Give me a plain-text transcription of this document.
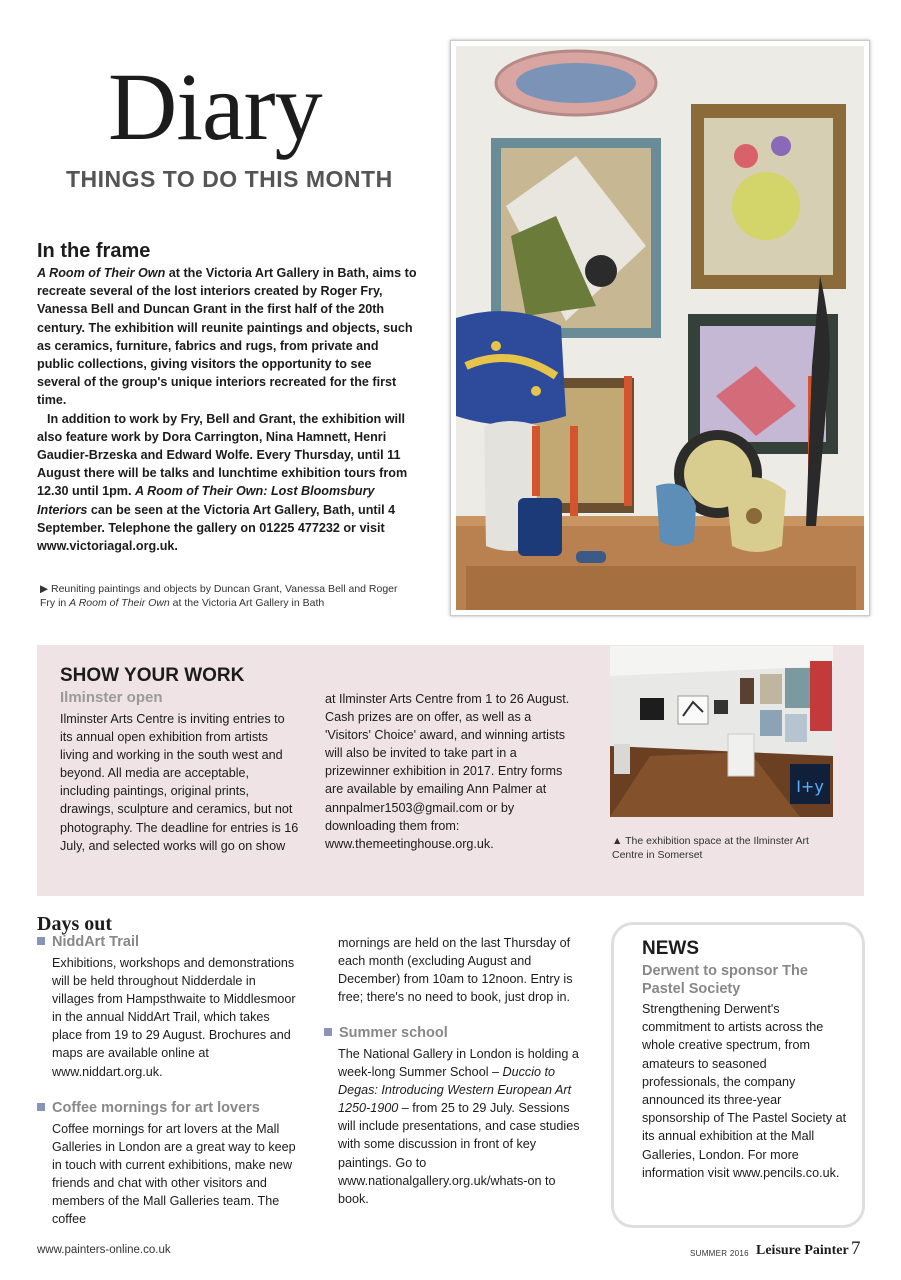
Diary
THINGS TO DO THIS MONTH
In the frame

A Room of Their Own at the Victoria Art Gallery in Bath, aims to recreate several of the lost interiors created by Roger Fry, Vanessa Bell and Duncan Grant in the first half of the 20th century. The exhibition will reunite paintings and objects, such as ceramics, furniture, fabrics and rugs, from private and public collections, giving visitors the opportunity to see several of the group's unique interiors recreated for the first time.

In addition to work by Fry, Bell and Grant, the exhibition will also feature work by Dora Carrington, Nina Hamnett, Henri Gaudier-Brzeska and Edward Wolfe. Every Thursday, until 11 August there will be talks and lunchtime exhibition tours from 12.30 until 1pm. A Room of Their Own: Lost Bloomsbury Interiors can be seen at the Victoria Art Gallery, Bath, until 4 September. Telephone the gallery on 01225 477232 or visit www.victoriagal.org.uk.

▶ Reuniting paintings and objects by Duncan Grant, Vanessa Bell and Roger Fry in A Room of Their Own at the Victoria Art Gallery in Bath
SHOW YOUR WORK
Ilminster open
Ilminster Arts Centre is inviting entries to its annual open exhibition from artists living and working in the south west and beyond. All media are acceptable, including paintings, original prints, drawings, sculpture and ceramics, but not photography. The deadline for entries is 16 July, and selected works will go on show
at Ilminster Arts Centre from 1 to 26 August. Cash prizes are on offer, as well as a 'Visitors' Choice' award, and winning artists will also be invited to take part in a prizewinner exhibition in 2017. Entry forms are available by emailing Ann Palmer at annpalmer1503@gmail.com or by downloading them from: www.themeetinghouse.org.uk.
I+y
▲ The exhibition space at the Ilminster Art Centre in Somerset
Days out
NiddArt Trail
Exhibitions, workshops and demonstrations will be held throughout Nidderdale in villages from Hampsthwaite to Middlesmoor in the annual NiddArt Trail, which takes place from 19 to 29 August. Brochures and maps are available online at www.niddart.org.uk.
Coffee mornings for art lovers
Coffee mornings for art lovers at the Mall Galleries in London are a great way to keep in touch with current exhibitions, make new friends and chat with other visitors and members of the Mall Galleries team. The coffee
mornings are held on the last Thursday of each month (excluding August and December) from 10am to 12noon. Entry is free; there's no need to book, just drop in.
Summer school
The National Gallery in London is holding a week-long Summer School – Duccio to Degas: Introducing Western European Art 1250-1900 – from 25 to 29 July. Sessions will include presentations, and case studies with some discussion in front of key paintings. Go to www.nationalgallery.org.uk/whats-on to book.
NEWS
Derwent to sponsor The Pastel Society
Strengthening Derwent's commitment to artists across the whole creative spectrum, from amateurs to seasoned professionals, the company announced its three-year sponsorship of The Pastel Society at its annual exhibition at the Mall Galleries, London. For more information visit www.pencils.co.uk.
www.painters-online.co.uk	SUMMER 2016 Leisure Painter 7
